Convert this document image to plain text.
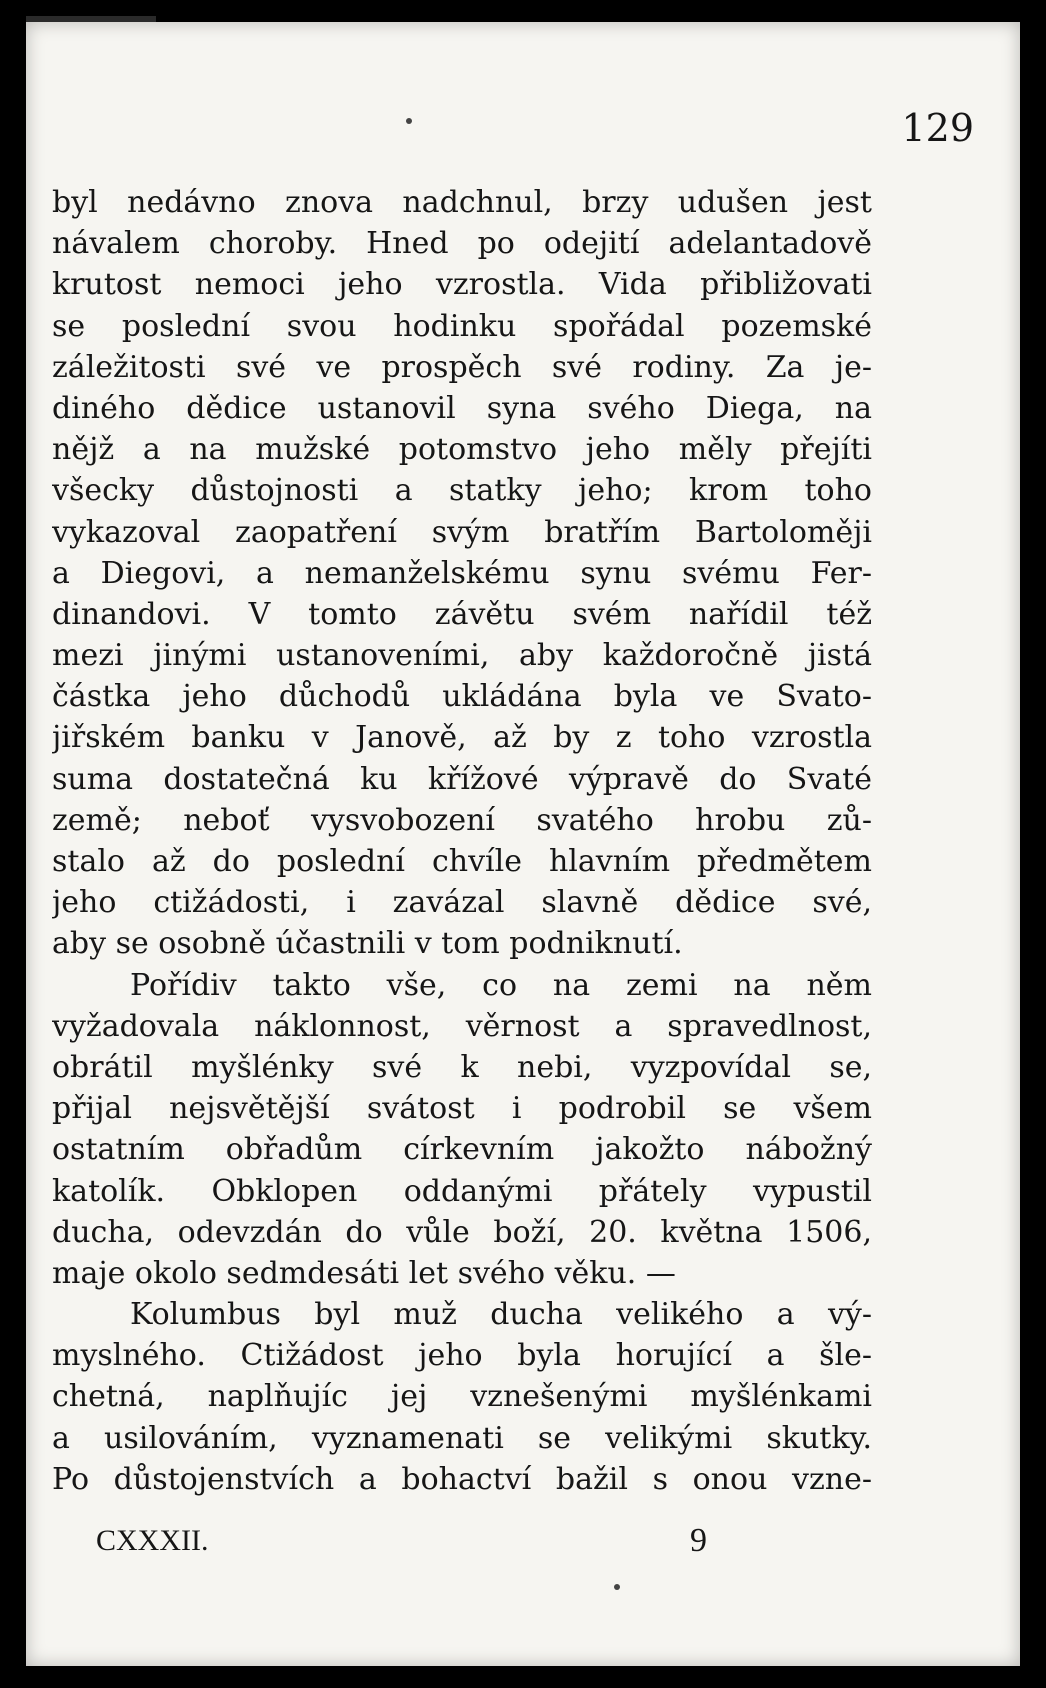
129
byl nedávno znova nadchnul, brzy udušen jest
návalem choroby. Hned po odejití adelantadově
krutost nemoci jeho vzrostla. Vida přibližovati
se poslední svou hodinku spořádal pozemské
záležitosti své ve prospěch své rodiny. Za je-
diného dědice ustanovil syna svého Diega, na
nějž a na mužské potomstvo jeho měly přejíti
všecky důstojnosti a statky jeho; krom toho
vykazoval zaopatření svým bratřím Bartoloměji
a Diegovi, a nemanželskému synu svému Fer-
dinandovi. V tomto závětu svém nařídil též
mezi jinými ustanoveními, aby každoročně jistá
částka jeho důchodů ukládána byla ve Svato-
jiřském banku v Janově, až by z toho vzrostla
suma dostatečná ku křížové výpravě do Svaté
země; neboť vysvobození svatého hrobu zů-
stalo až do poslední chvíle hlavním předmětem
jeho ctižádosti, i zavázal slavně dědice své,
aby se osobně účastnili v tom podniknutí.
Pořídiv takto vše, co na zemi na něm
vyžadovala náklonnost, věrnost a spravedlnost,
obrátil myšlénky své k nebi, vyzpovídal se,
přijal nejsvětější svátost i podrobil se všem
ostatním obřadům církevním jakožto nábožný
katolík. Obklopen oddanými přátely vypustil
ducha, odevzdán do vůle boží, 20. května 1506,
maje okolo sedmdesáti let svého věku. —
Kolumbus byl muž ducha velikého a vý-
myslného. Ctižádost jeho byla horující a šle-
chetná, naplňujíc jej vznešenými myšlénkami
a usilováním, vyznamenati se velikými skutky.
Po důstojenstvích a bohactví bažil s onou vzne-
CXXXII.	9
